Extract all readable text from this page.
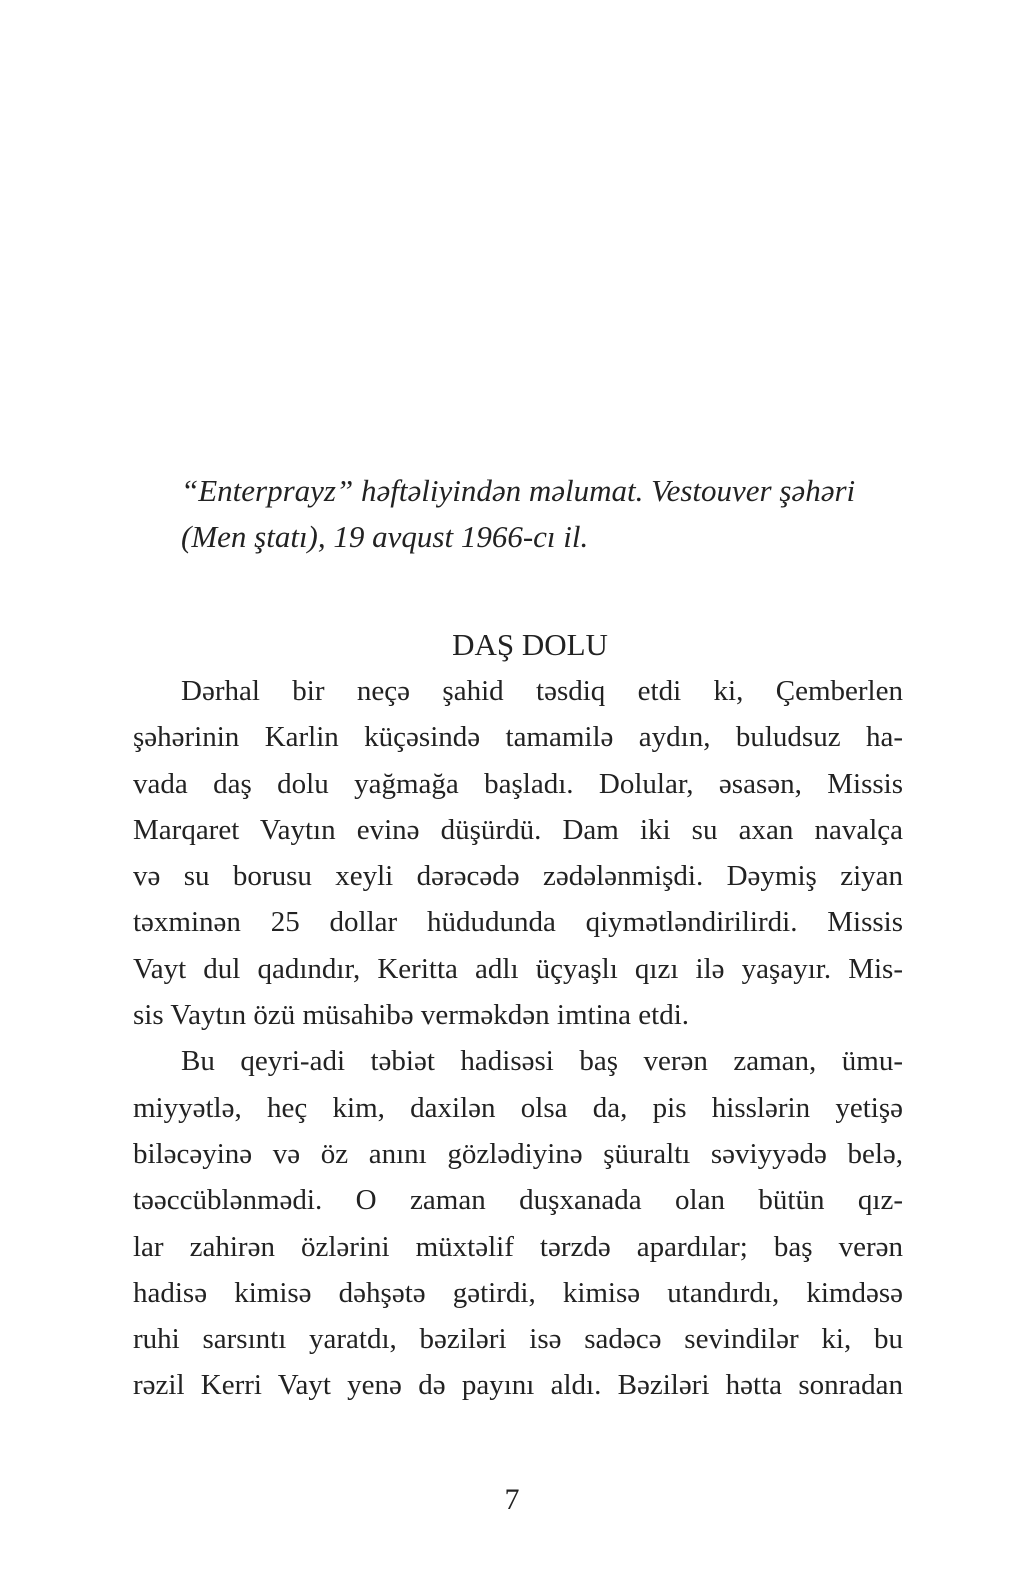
“Enterprayz” həftəliyindən məlumat. Vestouver şəhəri
(Men ştatı), 19 avqust 1966-cı il.
DAŞ DOLU
Dərhal bir neçə şahid təsdiq etdi ki, Çemberlen
şəhərinin Karlin küçəsində tamamilə aydın, buludsuz ha-
vada daş dolu yağmağa başladı. Dolular, əsasən, Missis
Marqaret Vaytın evinə düşürdü. Dam iki su axan navalça
və su borusu xeyli dərəcədə zədələnmişdi. Dəymiş ziyan
təxminən 25 dollar hüdudunda qiymətləndirilirdi. Missis
Vayt dul qadındır, Keritta adlı üçyaşlı qızı ilə yaşayır. Mis-
sis Vaytın özü müsahibə verməkdən imtina etdi.
Bu qeyri-adi təbiət hadisəsi baş verən zaman, ümu-
miyyətlə, heç kim, daxilən olsa da, pis hisslərin yetişə
biləcəyinə və öz anını gözlədiyinə şüuraltı səviyyədə belə,
təəccüblənmədi. O zaman duşxanada olan bütün qız-
lar zahirən özlərini müxtəlif tərzdə apardılar; baş verən
hadisə kimisə dəhşətə gətirdi, kimisə utandırdı, kimdəsə
ruhi sarsıntı yaratdı, bəziləri isə sadəcə sevindilər ki, bu
rəzil Kerri Vayt yenə də payını aldı. Bəziləri hətta sonradan
7
